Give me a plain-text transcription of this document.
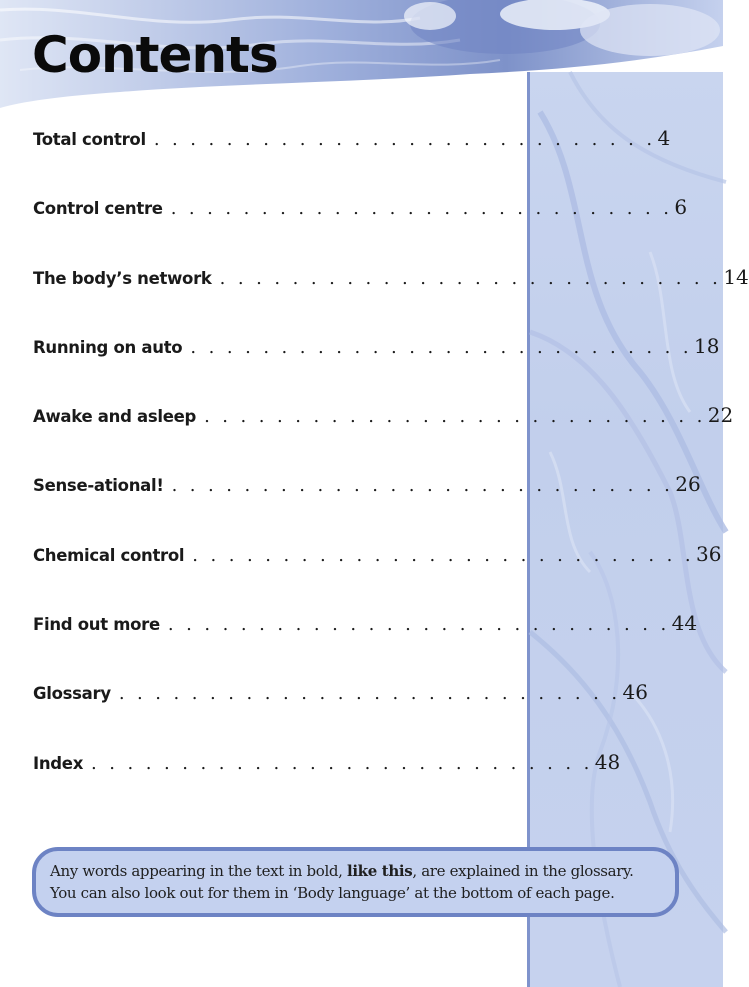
Contents
Total control . . . . . . . . . . . . . . . . . . . . . . . . . . . . 4
Control centre . . . . . . . . . . . . . . . . . . . . . . . . . . . . 6
The body’s network . . . . . . . . . . . . . . . . . . . . . . . . . . . . 14
Running on auto . . . . . . . . . . . . . . . . . . . . . . . . . . . . 18
Awake and asleep . . . . . . . . . . . . . . . . . . . . . . . . . . . . 22
Sense-ational! . . . . . . . . . . . . . . . . . . . . . . . . . . . . 26
Chemical control . . . . . . . . . . . . . . . . . . . . . . . . . . . . 36
Find out more . . . . . . . . . . . . . . . . . . . . . . . . . . . . 44
Glossary . . . . . . . . . . . . . . . . . . . . . . . . . . . . 46
Index . . . . . . . . . . . . . . . . . . . . . . . . . . . . 48
Any words appearing in the text in bold, like this, are explained in the glossary.
You can also look out for them in ‘Body language’ at the bottom of each page.
